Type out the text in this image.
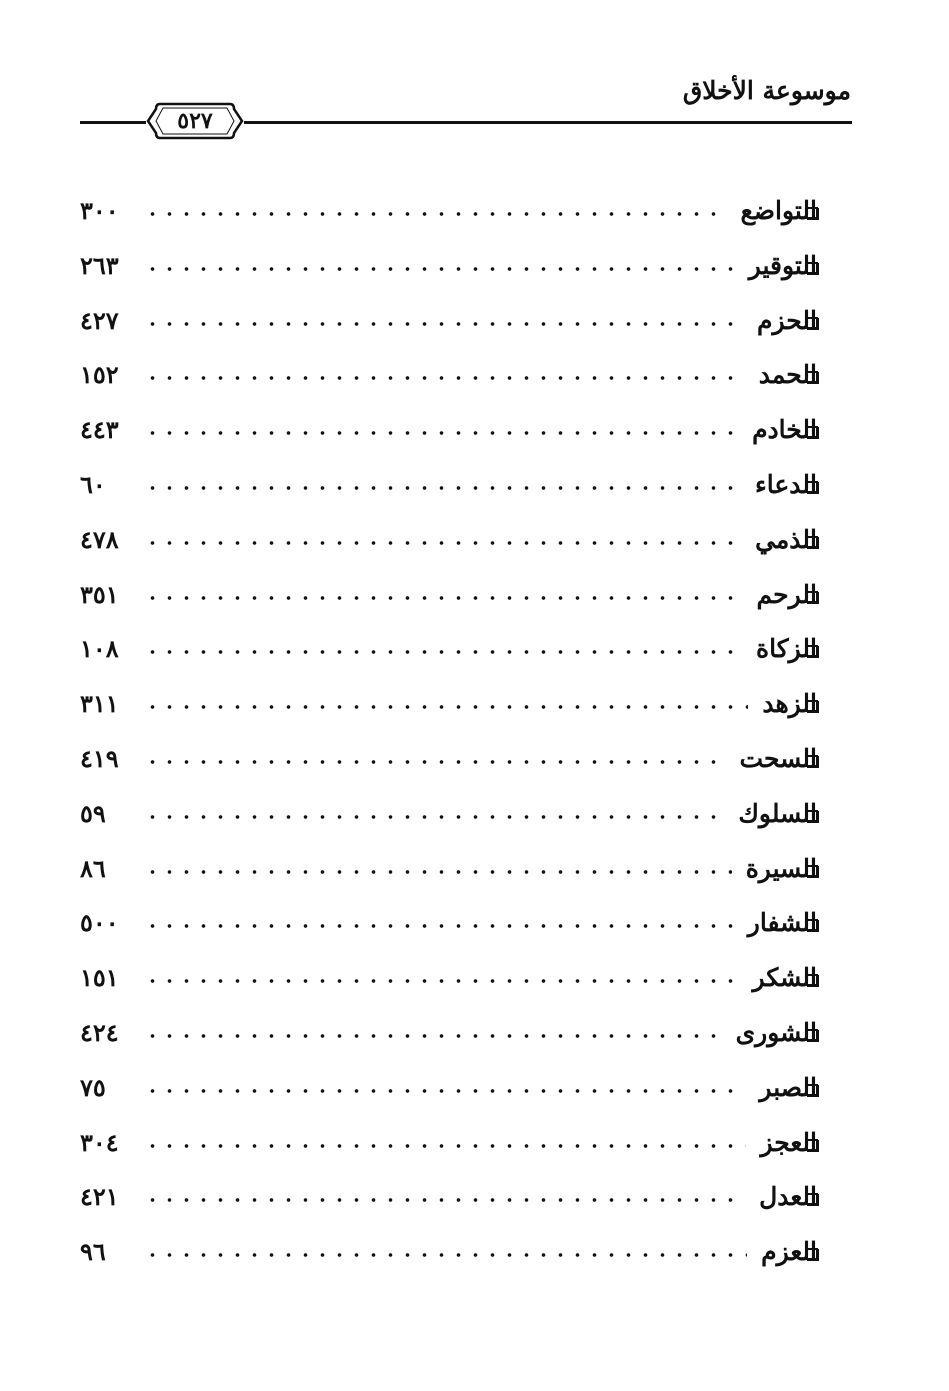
موسوعة الأخلاق
٥٢٧
التواضع
٣٠٠
التوقير
٢٦٣
الحزم
٤٢٧
الحمد
١٥٢
الخادم
٤٤٣
الدعاء
٦٠
الذمي
٤٧٨
الرحم
٣٥١
الزكاة
١٠٨
الزهد
٣١١
السحت
٤١٩
السلوك
٥٩
السيرة
٨٦
الشفار
٥٠٠
الشكر
١٥١
الشورى
٤٢٤
الصبر
٧٥
العجز
٣٠٤
العدل
٤٢١
العزم
٩٦
